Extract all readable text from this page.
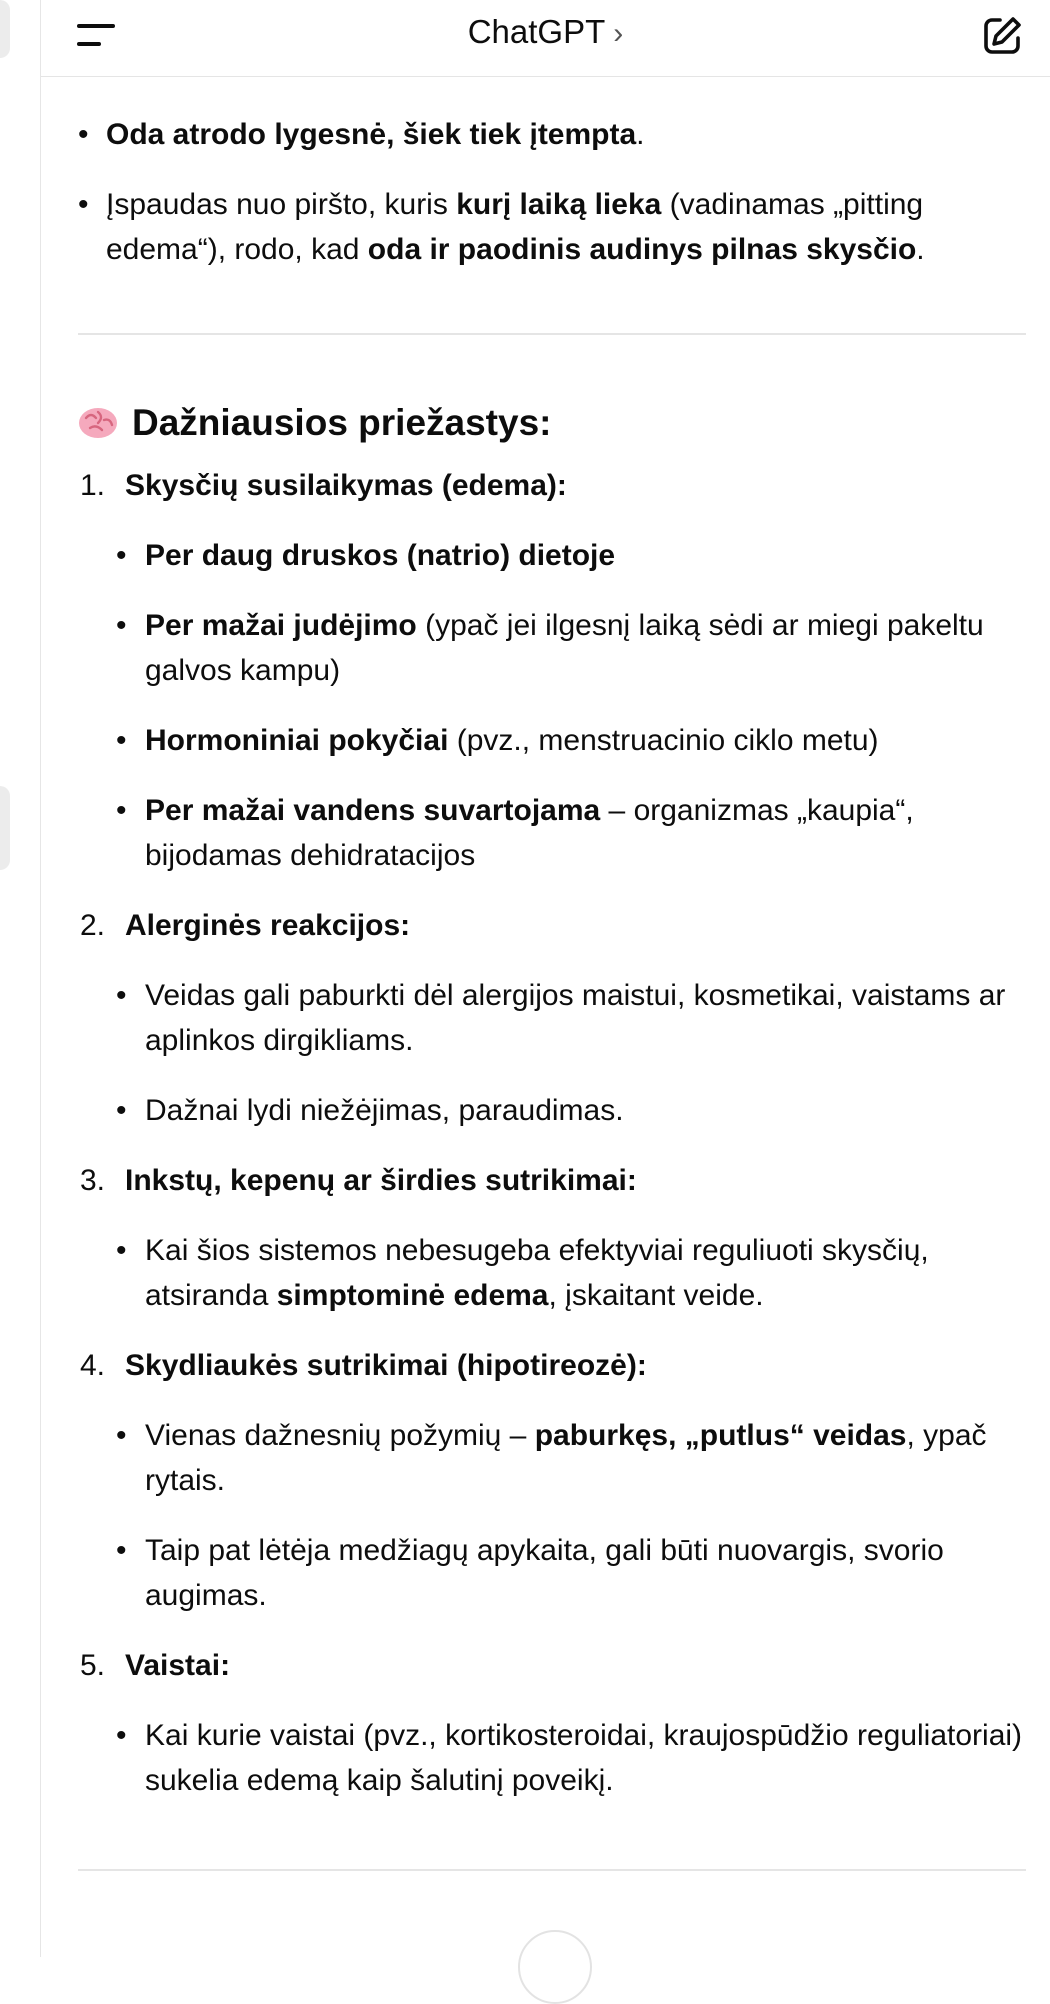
ChatGPT ›
• Oda atrodo lygesnė, šiek tiek įtempta.
• Įspaudas nuo piršto, kuris kurį laiką lieka (vadinamas „pitting edema“), rodo, kad oda ir paodinis audinys pilnas skysčio.
Dažniausios priežastys:
1. Skysčių susilaikymas (edema):
• Per daug druskos (natrio) dietoje
• Per mažai judėjimo (ypač jei ilgesnį laiką sėdi ar miegi pakeltu galvos kampu)
• Hormoniniai pokyčiai (pvz., menstruacinio ciklo metu)
• Per mažai vandens suvartojama – organizmas „kaupia“, bijodamas dehidratacijos
2. Alerginės reakcijos:
• Veidas gali paburkti dėl alergijos maistui, kosmetikai, vaistams ar aplinkos dirgikliams.
• Dažnai lydi niežėjimas, paraudimas.
3. Inkstų, kepenų ar širdies sutrikimai:
• Kai šios sistemos nebesugeba efektyviai reguliuoti skysčių, atsiranda simptominė edema, įskaitant veide.
4. Skydliaukės sutrikimai (hipotireozė):
• Vienas dažnesnių požymių – paburkęs, „putlus“ veidas, ypač rytais.
• Taip pat lėtėja medžiagų apykaita, gali būti nuovargis, svorio augimas.
5. Vaistai:
• Kai kurie vaistai (pvz., kortikosteroidai, kraujospūdžio reguliatoriai) sukelia edemą kaip šalutinį poveikį.
